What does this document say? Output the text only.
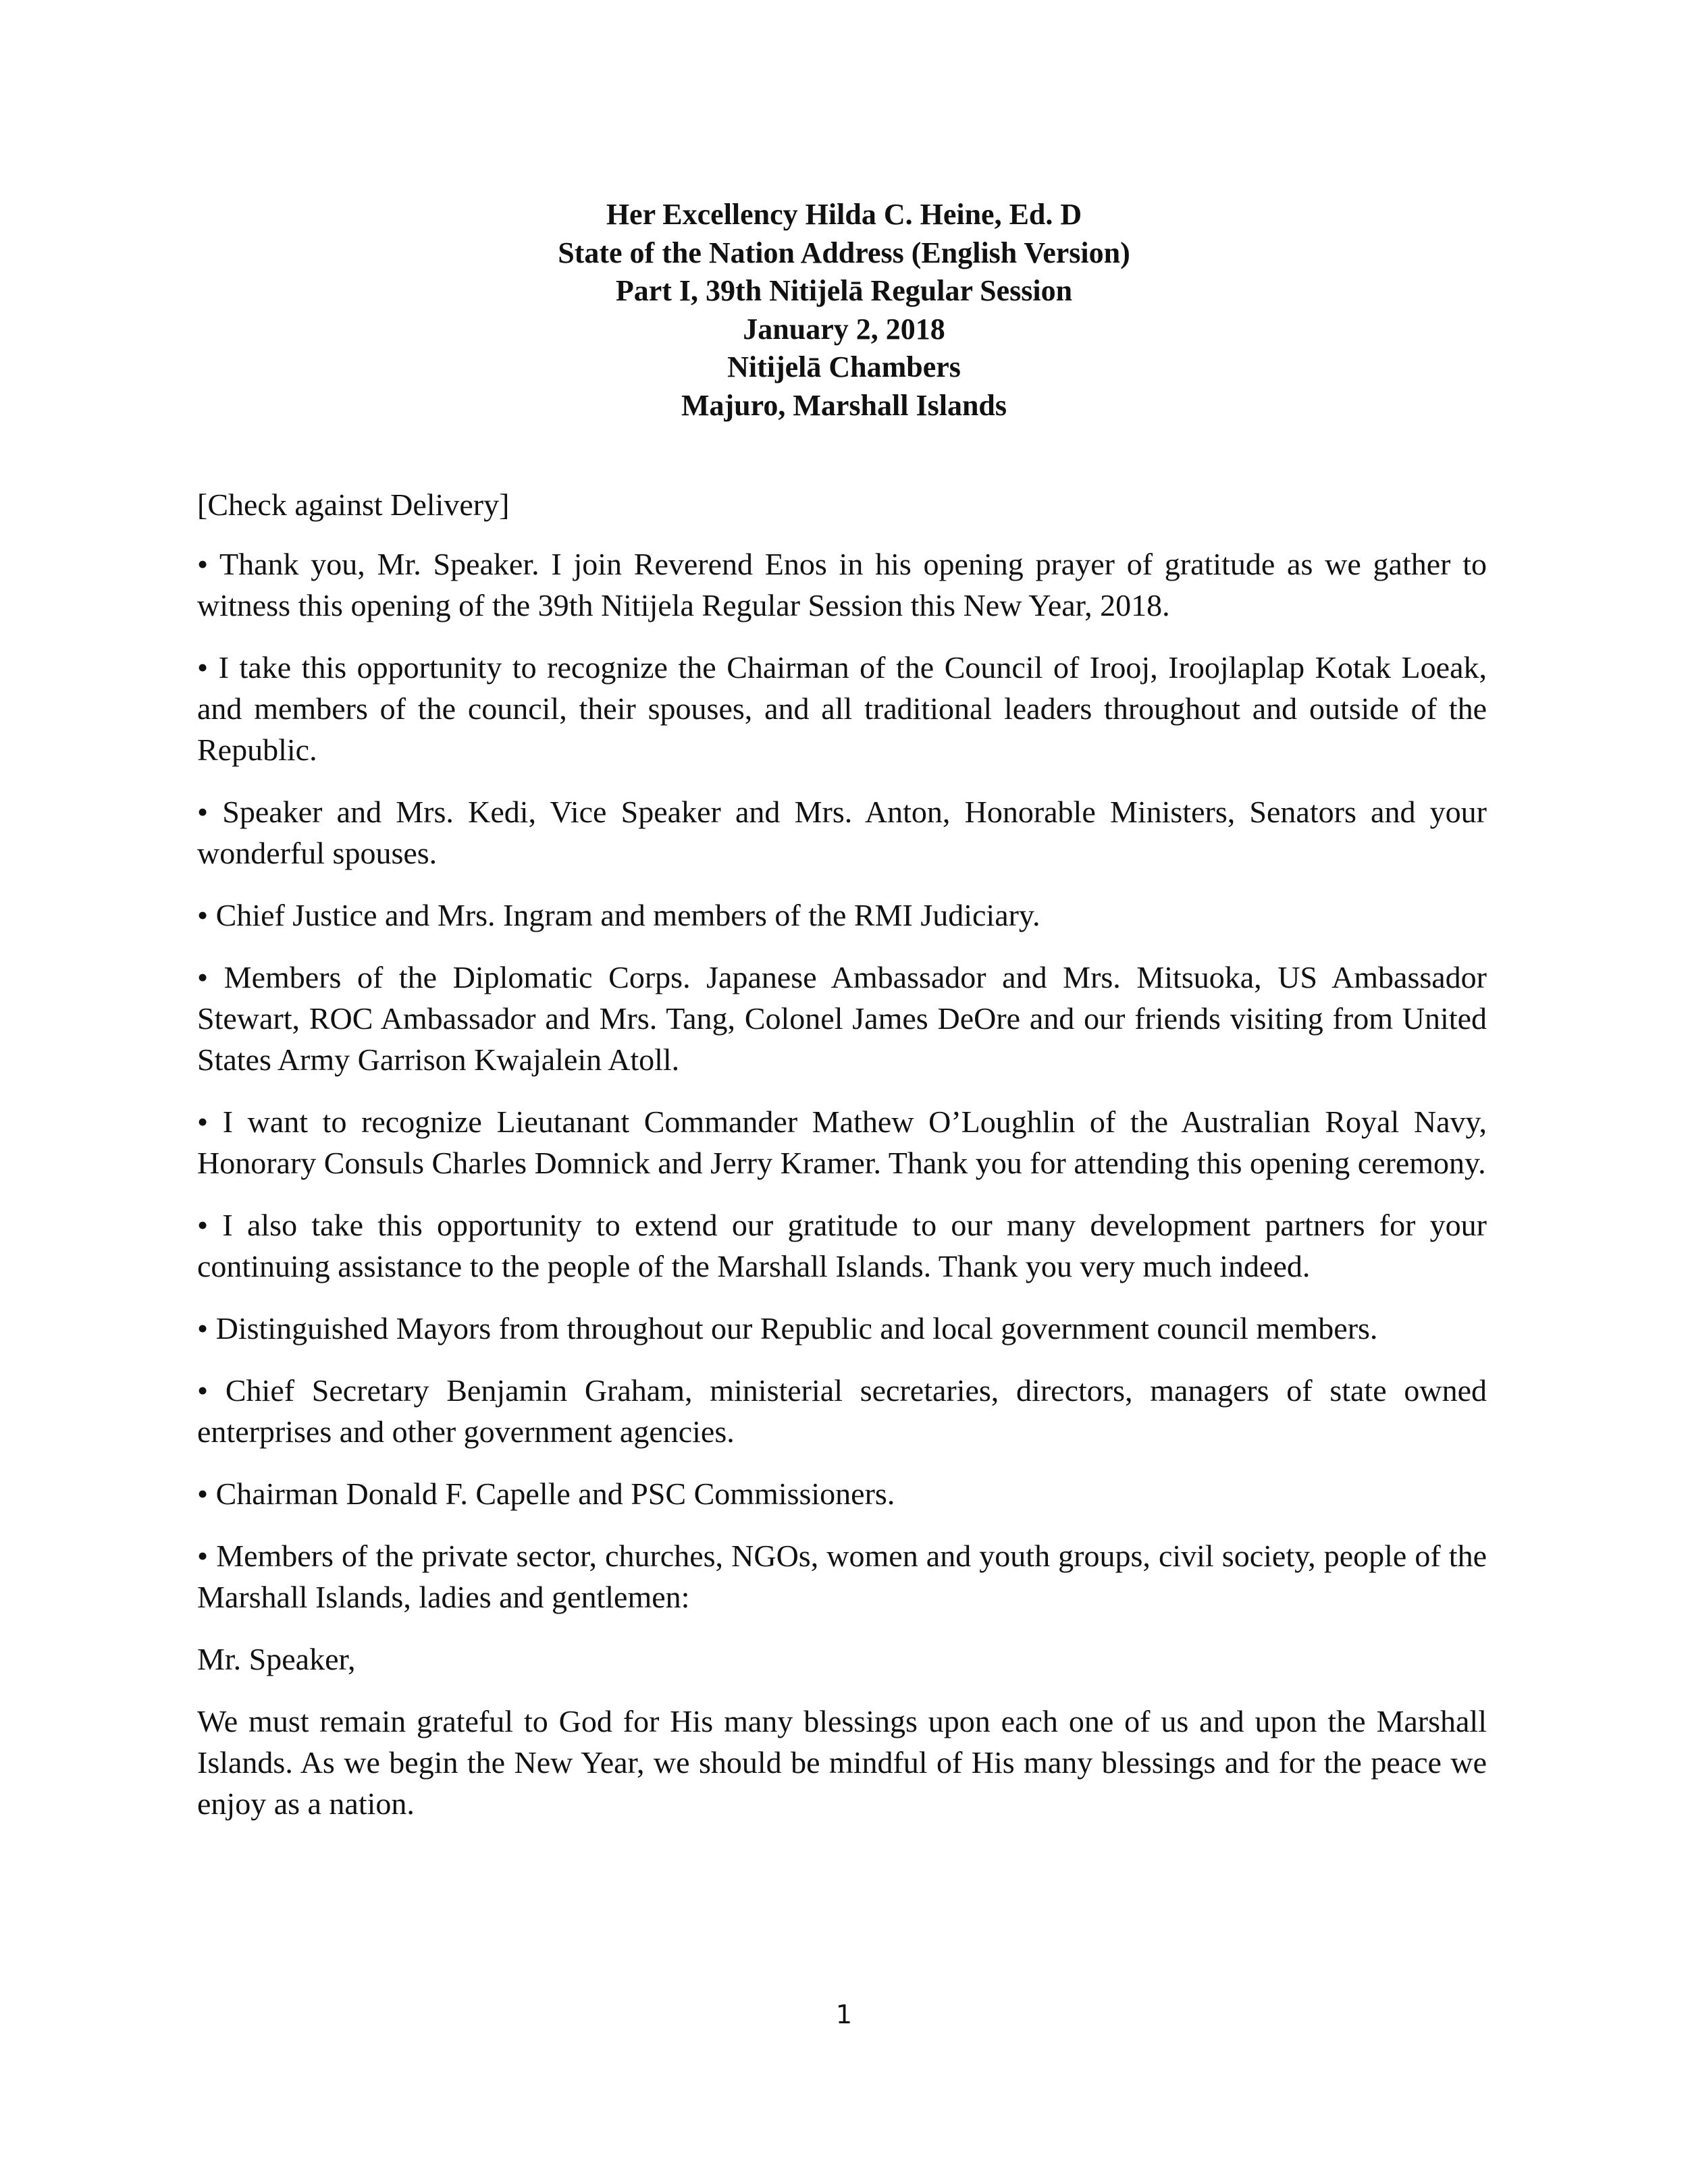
Her Excellency Hilda C. Heine, Ed. D
State of the Nation Address (English Version)
Part I, 39th Nitijelā Regular Session
January 2, 2018
Nitijelā Chambers
Majuro, Marshall Islands
[Check against Delivery]

• Thank you, Mr. Speaker. I join Reverend Enos in his opening prayer of gratitude as we gather to witness this opening of the 39th Nitijela Regular Session this New Year, 2018.

• I take this opportunity to recognize the Chairman of the Council of Irooj, Iroojlaplap Kotak Loeak, and members of the council, their spouses, and all traditional leaders throughout and outside of the Republic.

• Speaker and Mrs. Kedi, Vice Speaker and Mrs. Anton, Honorable Ministers, Senators and your wonderful spouses.

• Chief Justice and Mrs. Ingram and members of the RMI Judiciary.

• Members of the Diplomatic Corps. Japanese Ambassador and Mrs. Mitsuoka, US Ambassador Stewart, ROC Ambassador and Mrs. Tang, Colonel James DeOre and our friends visiting from United States Army Garrison Kwajalein Atoll.

• I want to recognize Lieutanant Commander Mathew O’Loughlin of the Australian Royal Navy, Honorary Consuls Charles Domnick and Jerry Kramer. Thank you for attending this opening ceremony.

• I also take this opportunity to extend our gratitude to our many development partners for your continuing assistance to the people of the Marshall Islands. Thank you very much indeed.

• Distinguished Mayors from throughout our Republic and local government council members.

• Chief Secretary Benjamin Graham, ministerial secretaries, directors, managers of state owned enterprises and other government agencies.

• Chairman Donald F. Capelle and PSC Commissioners.

• Members of the private sector, churches, NGOs, women and youth groups, civil society, people of the Marshall Islands, ladies and gentlemen:

Mr. Speaker,

We must remain grateful to God for His many blessings upon each one of us and upon the Marshall Islands. As we begin the New Year, we should be mindful of His many blessings and for the peace we enjoy as a nation.

1
